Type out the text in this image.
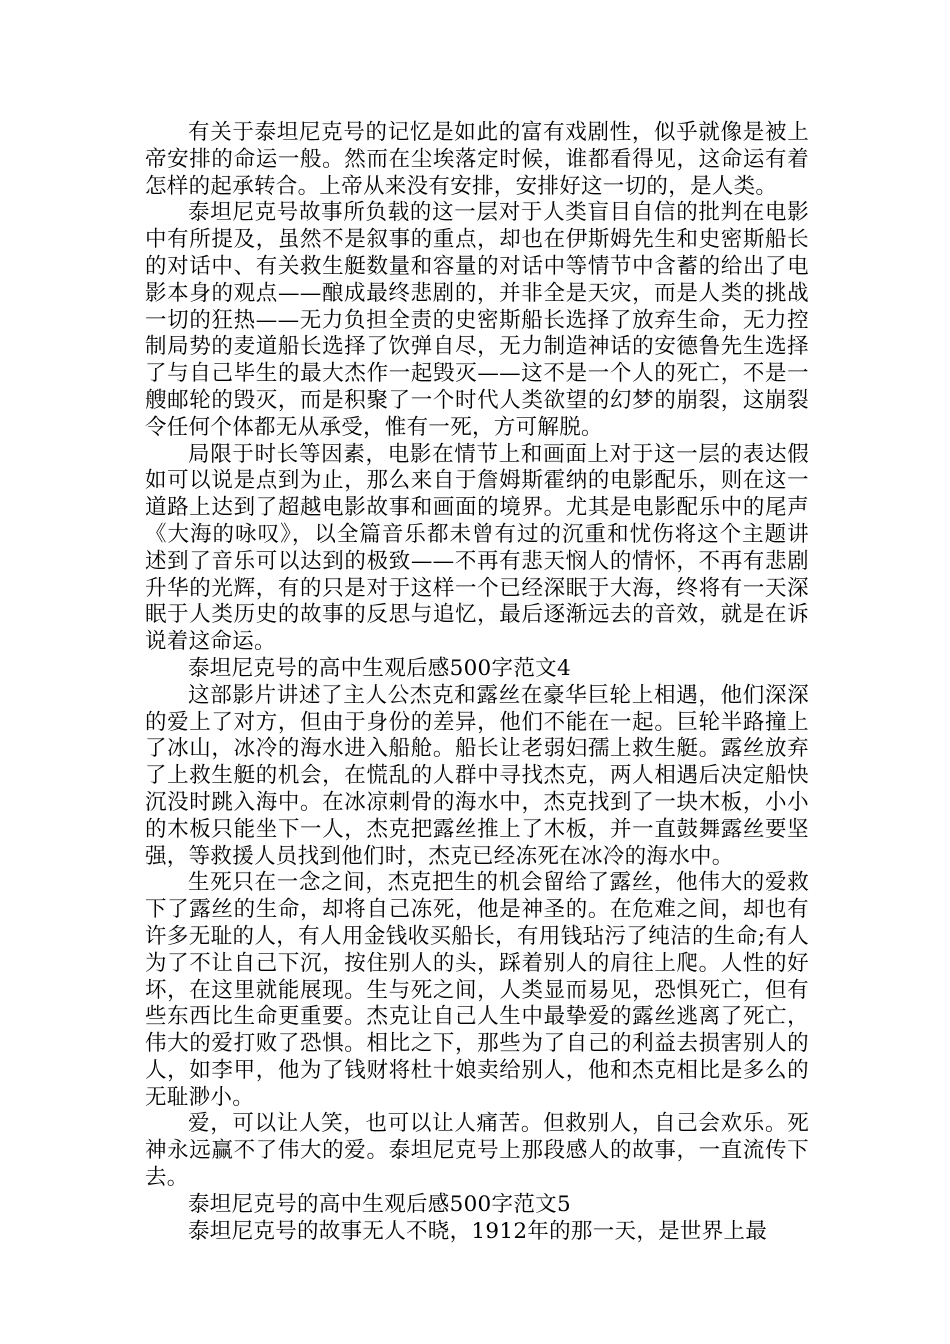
有关于泰坦尼克号的记忆是如此的富有戏剧性，似乎就像是被上帝安排的命运一般。然而在尘埃落定时候，谁都看得见，这命运有着怎样的起承转合。上帝从来没有安排，安排好这一切的，是人类。

泰坦尼克号故事所负载的这一层对于人类盲目自信的批判在电影中有所提及，虽然不是叙事的重点，却也在伊斯姆先生和史密斯船长的对话中、有关救生艇数量和容量的对话中等情节中含蓄的给出了电影本身的观点——酿成最终悲剧的，并非全是天灾，而是人类的挑战一切的狂热——无力负担全责的史密斯船长选择了放弃生命，无力控制局势的麦道船长选择了饮弹自尽，无力制造神话的安德鲁先生选择了与自己毕生的最大杰作一起毁灭——这不是一个人的死亡，不是一艘邮轮的毁灭，而是积聚了一个时代人类欲望的幻梦的崩裂，这崩裂令任何个体都无从承受，惟有一死，方可解脱。

局限于时长等因素，电影在情节上和画面上对于这一层的表达假如可以说是点到为止，那么来自于詹姆斯霍纳的电影配乐，则在这一道路上达到了超越电影故事和画面的境界。尤其是电影配乐中的尾声《大海的咏叹》，以全篇音乐都未曾有过的沉重和忧伤将这个主题讲述到了音乐可以达到的极致——不再有悲天悯人的情怀，不再有悲剧升华的光辉，有的只是对于这样一个已经深眠于大海，终将有一天深眠于人类历史的故事的反思与追忆，最后逐渐远去的音效，就是在诉说着这命运。

泰坦尼克号的高中生观后感500字范文4

这部影片讲述了主人公杰克和露丝在豪华巨轮上相遇，他们深深的爱上了对方，但由于身份的差异，他们不能在一起。巨轮半路撞上了冰山，冰冷的海水进入船舱。船长让老弱妇孺上救生艇。露丝放弃了上救生艇的机会，在慌乱的人群中寻找杰克，两人相遇后决定船快沉没时跳入海中。在冰凉刺骨的海水中，杰克找到了一块木板，小小的木板只能坐下一人，杰克把露丝推上了木板，并一直鼓舞露丝要坚强，等救援人员找到他们时，杰克已经冻死在冰冷的海水中。

生死只在一念之间，杰克把生的机会留给了露丝，他伟大的爱救下了露丝的生命，却将自己冻死，他是神圣的。在危难之间，却也有许多无耻的人，有人用金钱收买船长，有用钱玷污了纯洁的生命;有人为了不让自己下沉，按住别人的头，踩着别人的肩往上爬。人性的好坏，在这里就能展现。生与死之间，人类显而易见，恐惧死亡，但有些东西比生命更重要。杰克让自己人生中最挚爱的露丝逃离了死亡，伟大的爱打败了恐惧。相比之下，那些为了自己的利益去损害别人的人，如李甲，他为了钱财将杜十娘卖给别人，他和杰克相比是多么的无耻渺小。

爱，可以让人笑，也可以让人痛苦。但救别人，自己会欢乐。死神永远赢不了伟大的爱。泰坦尼克号上那段感人的故事，一直流传下去。

泰坦尼克号的高中生观后感500字范文5

泰坦尼克号的故事无人不晓，1912年的那一天，是世界上最
